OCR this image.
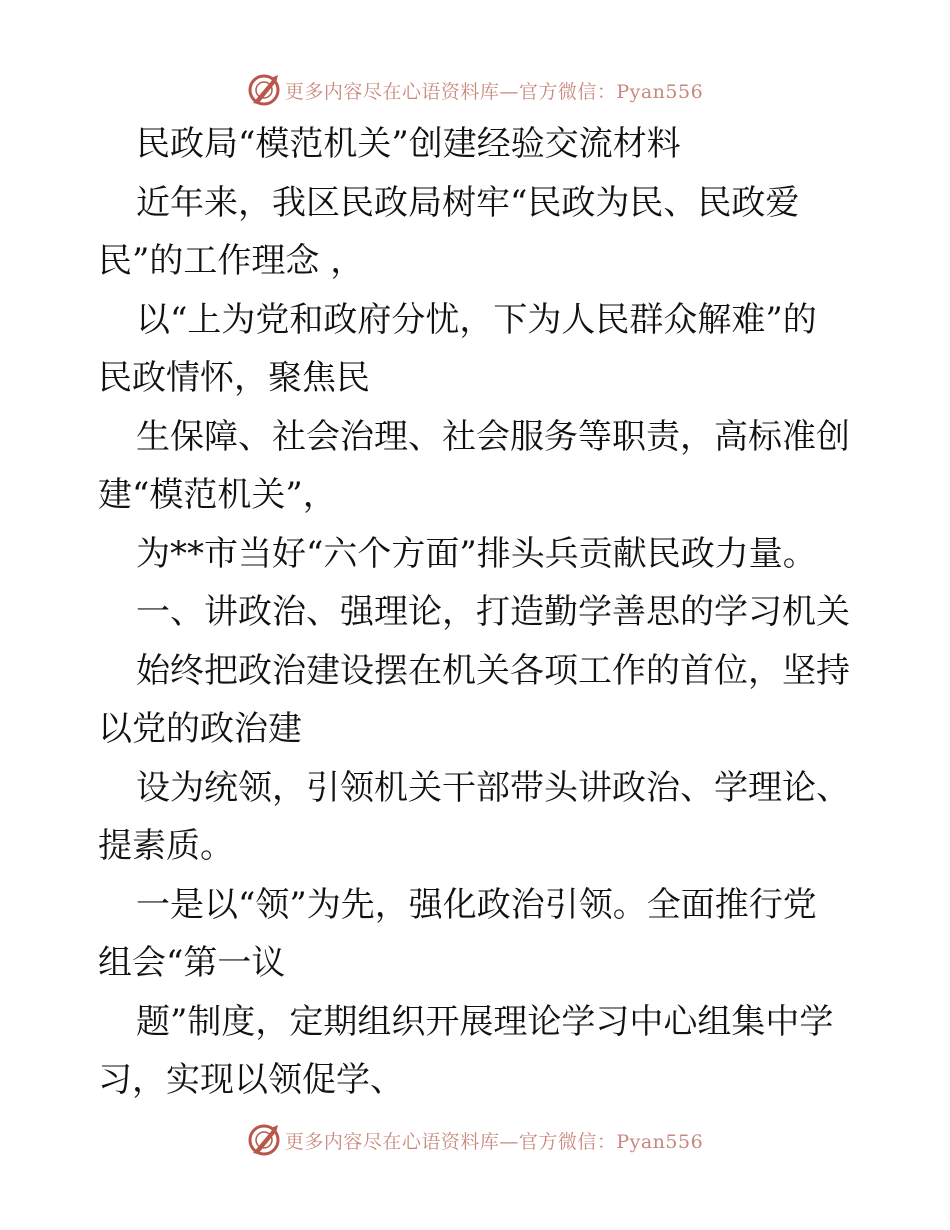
更多内容尽在心语资料库—官方微信：Pyan556
民政局“模范机关”创建经验交流材料
近年来，我区民政局树牢“民政为民、民政爱
民”的工作理念 ，
以“上为党和政府分忧，下为人民群众解难”的
民政情怀，聚焦民
生保障、社会治理、社会服务等职责，高标准创
建“模范机关”，
为**市当好“六个方面”排头兵贡献民政力量。
一、讲政治、强理论，打造勤学善思的学习机关
始终把政治建设摆在机关各项工作的首位，坚持
以党的政治建
设为统领，引领机关干部带头讲政治、学理论、
提素质。
一是以“领”为先，强化政治引领。全面推行党
组会“第一议
题”制度，定期组织开展理论学习中心组集中学
习，实现以领促学、
更多内容尽在心语资料库—官方微信：Pyan556
